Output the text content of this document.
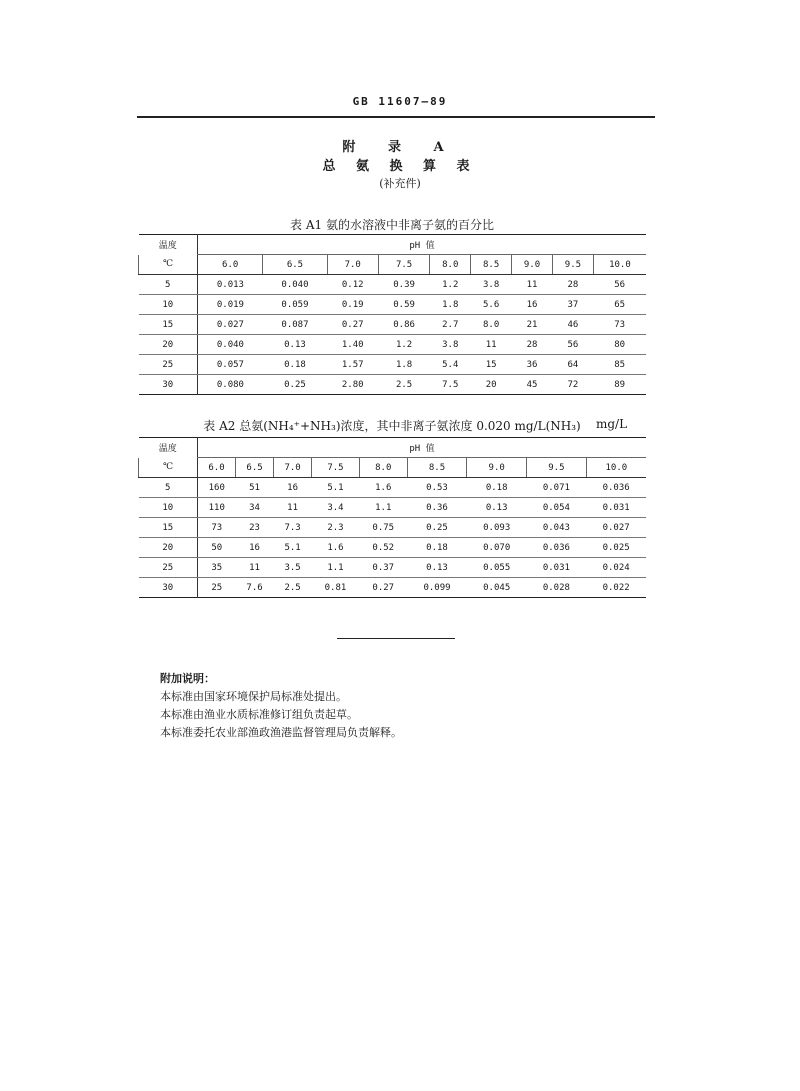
GB 11607—89
附 录 A
总 氨 换 算 表
(补充件)
表 A1 氨的水溶液中非离子氨的百分比
温度	pH 值								
℃	6.0	6.5	7.0	7.5	8.0	8.5	9.0	9.5	10.0
5	0.013	0.040	0.12	0.39	1.2	3.8	11	28	56
10	0.019	0.059	0.19	0.59	1.8	5.6	16	37	65
15	0.027	0.087	0.27	0.86	2.7	8.0	21	46	73
20	0.040	0.13	1.40	1.2	3.8	11	28	56	80
25	0.057	0.18	1.57	1.8	5.4	15	36	64	85
30	0.080	0.25	2.80	2.5	7.5	20	45	72	89
表 A2 总氨(NH₄⁺+NH₃)浓度，其中非离子氨浓度 0.020 mg/L(NH₃)	mg/L
温度	pH 值								
℃	6.0	6.5	7.0	7.5	8.0	8.5	9.0	9.5	10.0
5	160	51	16	5.1	1.6	0.53	0.18	0.071	0.036
10	110	34	11	3.4	1.1	0.36	0.13	0.054	0.031
15	73	23	7.3	2.3	0.75	0.25	0.093	0.043	0.027
20	50	16	5.1	1.6	0.52	0.18	0.070	0.036	0.025
25	35	11	3.5	1.1	0.37	0.13	0.055	0.031	0.024
30	25	7.6	2.5	0.81	0.27	0.099	0.045	0.028	0.022
附加说明：
本标准由国家环境保护局标准处提出。
本标准由渔业水质标准修订组负责起草。
本标准委托农业部渔政渔港监督管理局负责解释。
